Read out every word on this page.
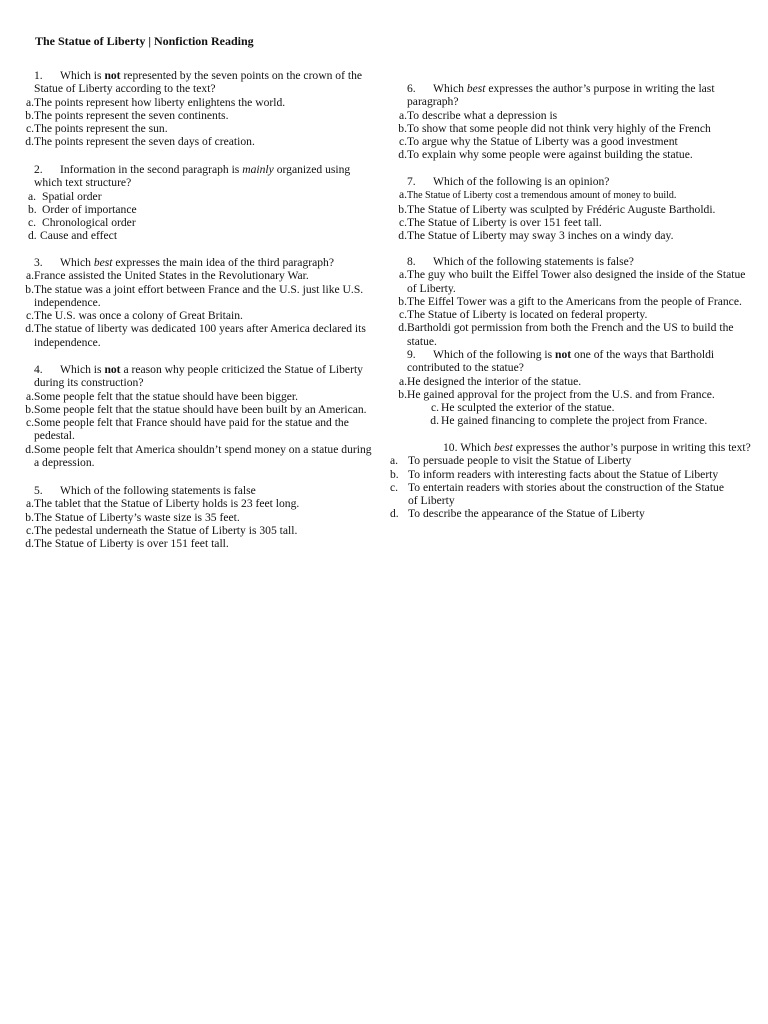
The Statue of Liberty | Nonfiction Reading
1. Which is not represented by the seven points on the crown of the
Statue of Liberty according to the text?
a. The points represent how liberty enlightens the world.
b. The points represent the seven continents.
c. The points represent the sun.
d. The points represent the seven days of creation.
2. Information in the second paragraph is mainly organized using
which text structure?
a. Spatial order
b. Order of importance
c. Chronological order
d. Cause and effect
3. Which best expresses the main idea of the third paragraph?
a. France assisted the United States in the Revolutionary War.
b. The statue was a joint effort between France and the U.S. just like U.S.
independence.
c. The U.S. was once a colony of Great Britain.
d. The statue of liberty was dedicated 100 years after America declared its
independence.
4. Which is not a reason why people criticized the Statue of Liberty
during its construction?
a. Some people felt that the statue should have been bigger.
b. Some people felt that the statue should have been built by an American.
c. Some people felt that France should have paid for the statue and the
pedestal.
d. Some people felt that America shouldn’t spend money on a statue during
a depression.
5. Which of the following statements is false
a. The tablet that the Statue of Liberty holds is 23 feet long.
b. The Statue of Liberty’s waste size is 35 feet.
c. The pedestal underneath the Statue of Liberty is 305 tall.
d. The Statue of Liberty is over 151 feet tall.
6. Which best expresses the author’s purpose in writing the last
paragraph?
a. To describe what a depression is
b. To show that some people did not think very highly of the French
c. To argue why the Statue of Liberty was a good investment
d. To explain why some people were against building the statue.
7. Which of the following is an opinion?
a. The Statue of Liberty cost a tremendous amount of money to build.
b. The Statue of Liberty was sculpted by Frédéric Auguste Bartholdi.
c. The Statue of Liberty is over 151 feet tall.
d. The Statue of Liberty may sway 3 inches on a windy day.
8. Which of the following statements is false?
a. The guy who built the Eiffel Tower also designed the inside of the Statue
of Liberty.
b. The Eiffel Tower was a gift to the Americans from the people of France.
c. The Statue of Liberty is located on federal property.
d. Bartholdi got permission from both the French and the US to build the
statue.
9. Which of the following is not one of the ways that Bartholdi
contributed to the statue?
a. He designed the interior of the statue.
b. He gained approval for the project from the U.S. and from France.
c. He sculpted the exterior of the statue.
d. He gained financing to complete the project from France.
10. Which best expresses the author’s purpose in writing this text?
a. To persuade people to visit the Statue of Liberty
b. To inform readers with interesting facts about the Statue of Liberty
c. To entertain readers with stories about the construction of the Statue
of Liberty
d. To describe the appearance of the Statue of Liberty
